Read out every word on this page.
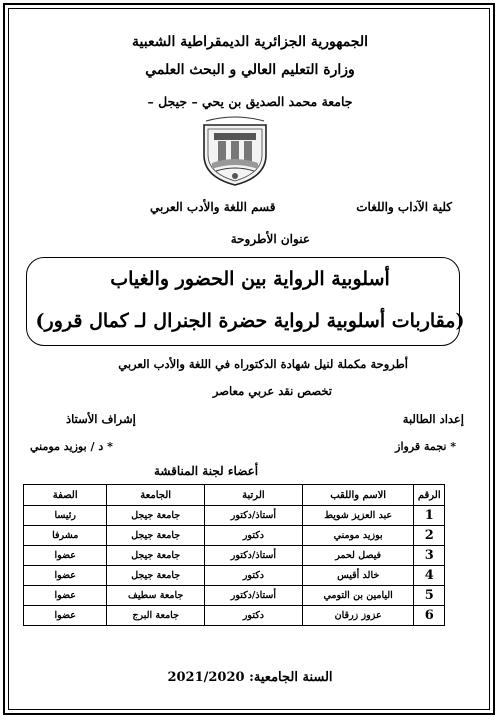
الجمهورية الجزائرية الديمقراطية الشعبية
وزارة التعليم العالي و البحث العلمي
جامعة محمد الصديق بن يحي – جيجل –
كلية الآداب واللغات
قسم اللغة والأدب العربي
عنوان الأطروحة
أسلوبية الرواية بين الحضور والغياب
(مقاربات أسلوبية لرواية حضرة الجنرال لـ كمال قرور)
أطروحة مكملة لنيل شهادة الدكتوراه في اللغة والأدب العربي
تخصص نقد عربي معاصر
إعداد الطالبة
إشراف الأستاذ
* نجمة قرواز
* د / بوزيد مومني
أعضاء لجنة المناقشة
الرقم	الاسم واللقب	الرتبة	الجامعة	الصفة
1	عبد العزيز شويط	أستاذ/دكتور	جامعة جيجل	رئيسا
2	بوزيد مومني	دكتور	جامعة جيجل	مشرفا
3	فيصل لحمر	أستاذ/دكتور	جامعة جيجل	عضوا
4	خالد أقيس	دكتور	جامعة جيجل	عضوا
5	اليامين بن التومي	أستاذ/دكتور	جامعة سطيف	عضوا
6	عزوز زرقان	دكتور	جامعة البرج	عضوا
السنة الجامعية: 2021/2020
